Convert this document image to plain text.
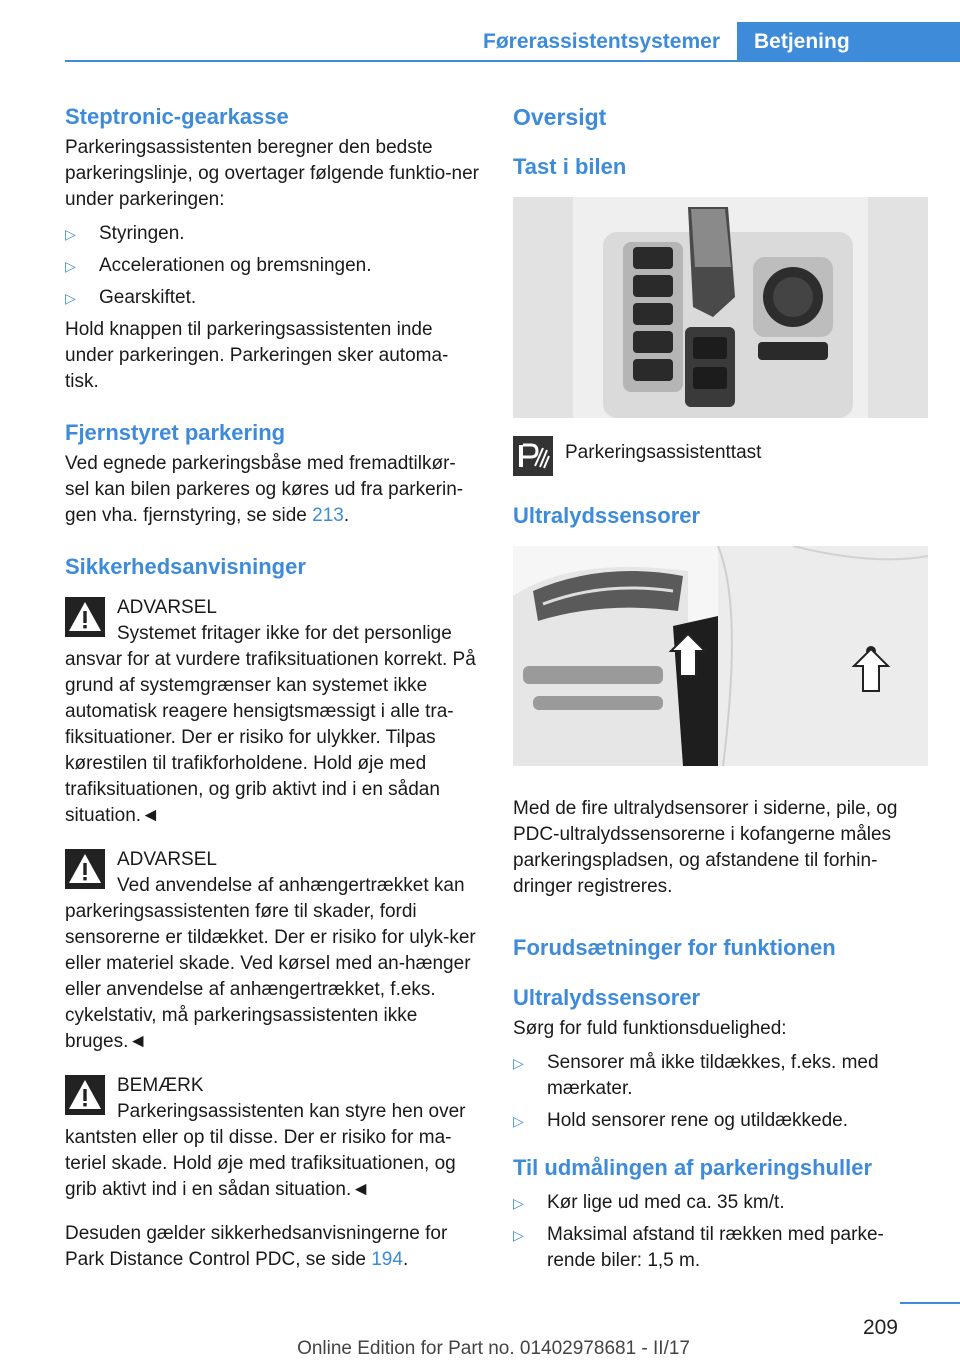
Førerassistentsystemer	Betjening
Steptronic-gearkasse

Parkeringsassistenten beregner den bedste parkeringslinje, og overtager følgende funktio‐ner under parkeringen:

▷ Styringen.
▷ Accelerationen og bremsningen.
▷ Gearskiftet.

Hold knappen til parkeringsassistenten inde under parkeringen. Parkeringen sker automa‐tisk.

Fjernstyret parkering

Ved egnede parkeringsbåse med fremadtilkør‐sel kan bilen parkeres og køres ud fra parkerin‐gen vha. fjernstyring, se side 213.

Sikkerhedsanvisninger
ADVARSEL

Systemet fritager ikke for det personlige ansvar for at vurdere trafiksituationen korrekt. På grund af systemgrænser kan systemet ikke automatisk reagere hensigtsmæssigt i alle tra‐fiksituationer. Der er risiko for ulykker. Tilpas kørestilen til trafikforholdene. Hold øje med trafiksituationen, og grib aktivt ind i en sådan situation.◄

ADVARSEL

Ved anvendelse af anhængertrækket kan parkeringsassistenten føre til skader, fordi sensorerne er tildækket. Der er risiko for ulyk‐ker eller materiel skade. Ved kørsel med an‐hænger eller anvendelse af anhængertrækket, f.eks. cykelstativ, må parkeringsassistenten ikke bruges.◄

BEMÆRK

Parkeringsassistenten kan styre hen over kantsten eller op til disse. Der er risiko for ma‐teriel skade. Hold øje med trafiksituationen, og grib aktivt ind i en sådan situation.◄

Desuden gælder sikkerhedsanvisningerne for Park Distance Control PDC, se side 194.

Oversigt
Tast i bilen
Parkeringsassistenttast
Ultralydssensorer

Med de fire ultralydsensorer i siderne, pile, og PDC-ultralydssensorerne i kofangerne måles parkeringspladsen, og afstandene til forhin‐dringer registreres.

Forudsætninger for funktionen
Ultralydssensorer

Sørg for fuld funktionsduelighed:

▷ Sensorer må ikke tildækkes, f.eks. med mærkater.
▷ Hold sensorer rene og utildækkede.
Til udmålingen af parkeringshuller
▷ Kør lige ud med ca. 35 km/t.
▷ Maksimal afstand til rækken med parke‐rende biler: 1,5 m.
209
Online Edition for Part no. 01402978681 - II/17
